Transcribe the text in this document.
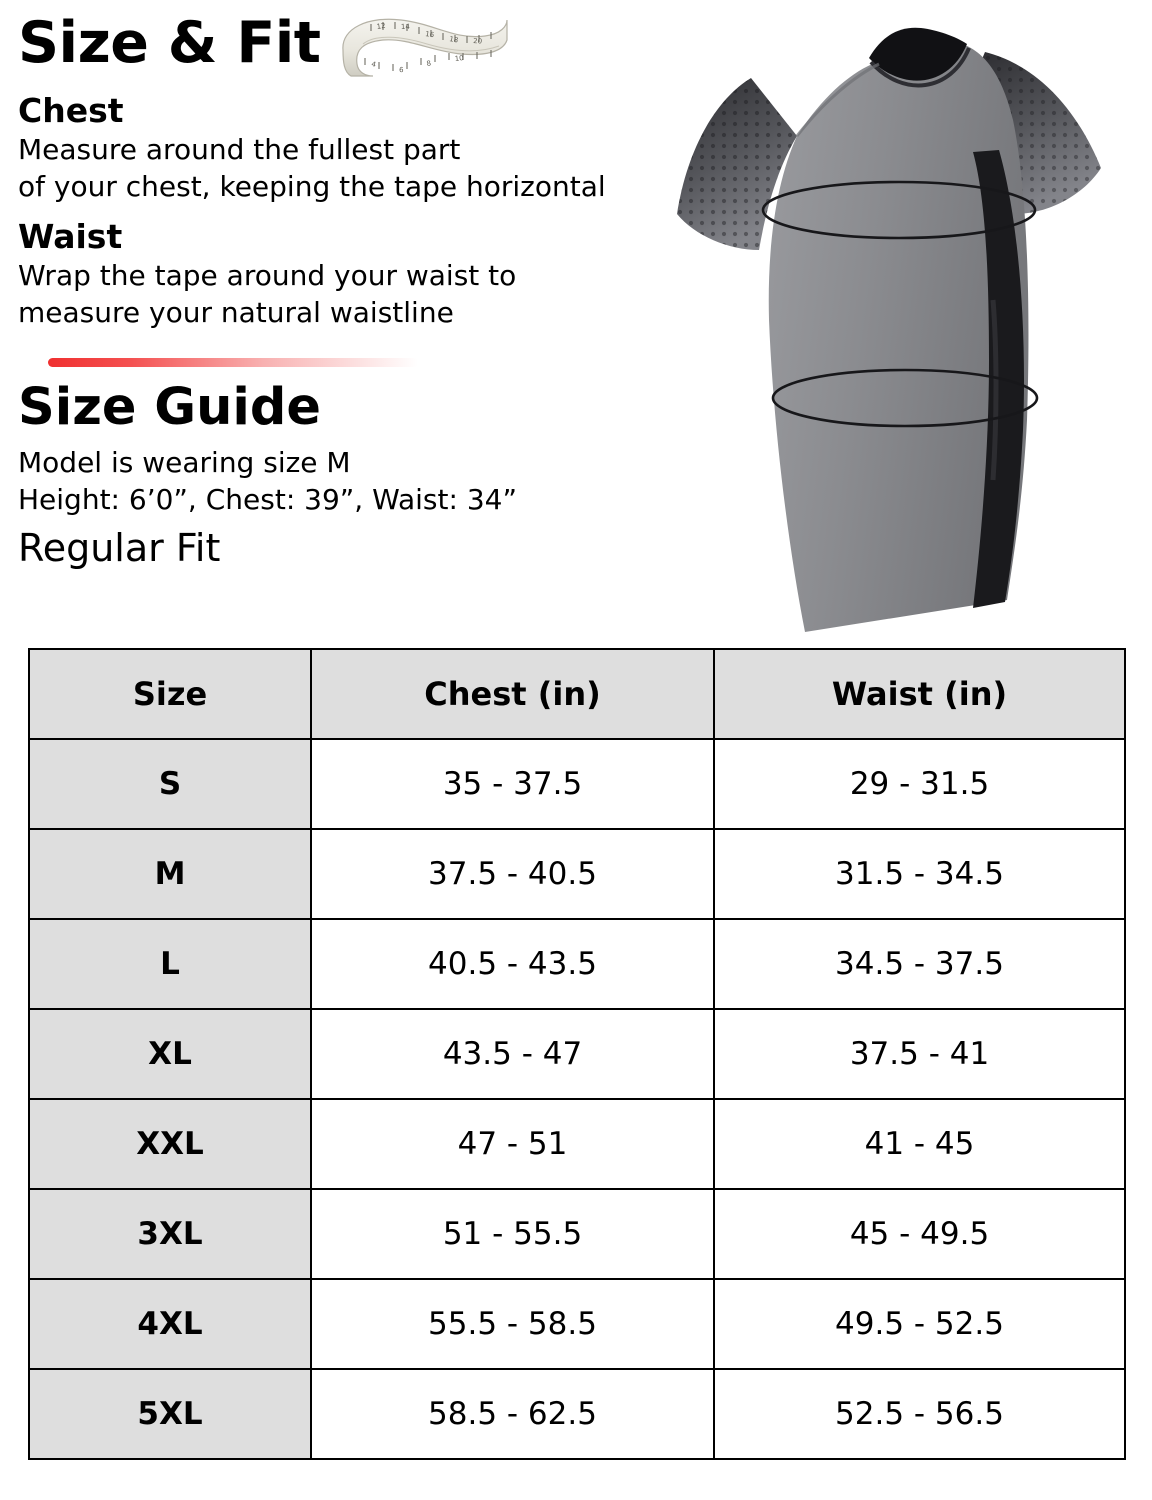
Size & Fit	12 14
16
18 20
4
6
8
10
Chest

Measure around the fullest part
of your chest, keeping the tape horizontal

Waist

Wrap the tape around your waist to
measure your natural waistline

Size Guide

Model is wearing size M

Height: 6’0”, Chest: 39”, Waist: 34”

Regular Fit

Size	Chest (in)	Waist (in)
S	35 - 37.5	29 - 31.5
M	37.5 - 40.5	31.5 - 34.5
L	40.5 - 43.5	34.5 - 37.5
XL	43.5 - 47	37.5 - 41
XXL	47 - 51	41 - 45
3XL	51 - 55.5	45 - 49.5
4XL	55.5 - 58.5	49.5 - 52.5
5XL	58.5 - 62.5	52.5 - 56.5
